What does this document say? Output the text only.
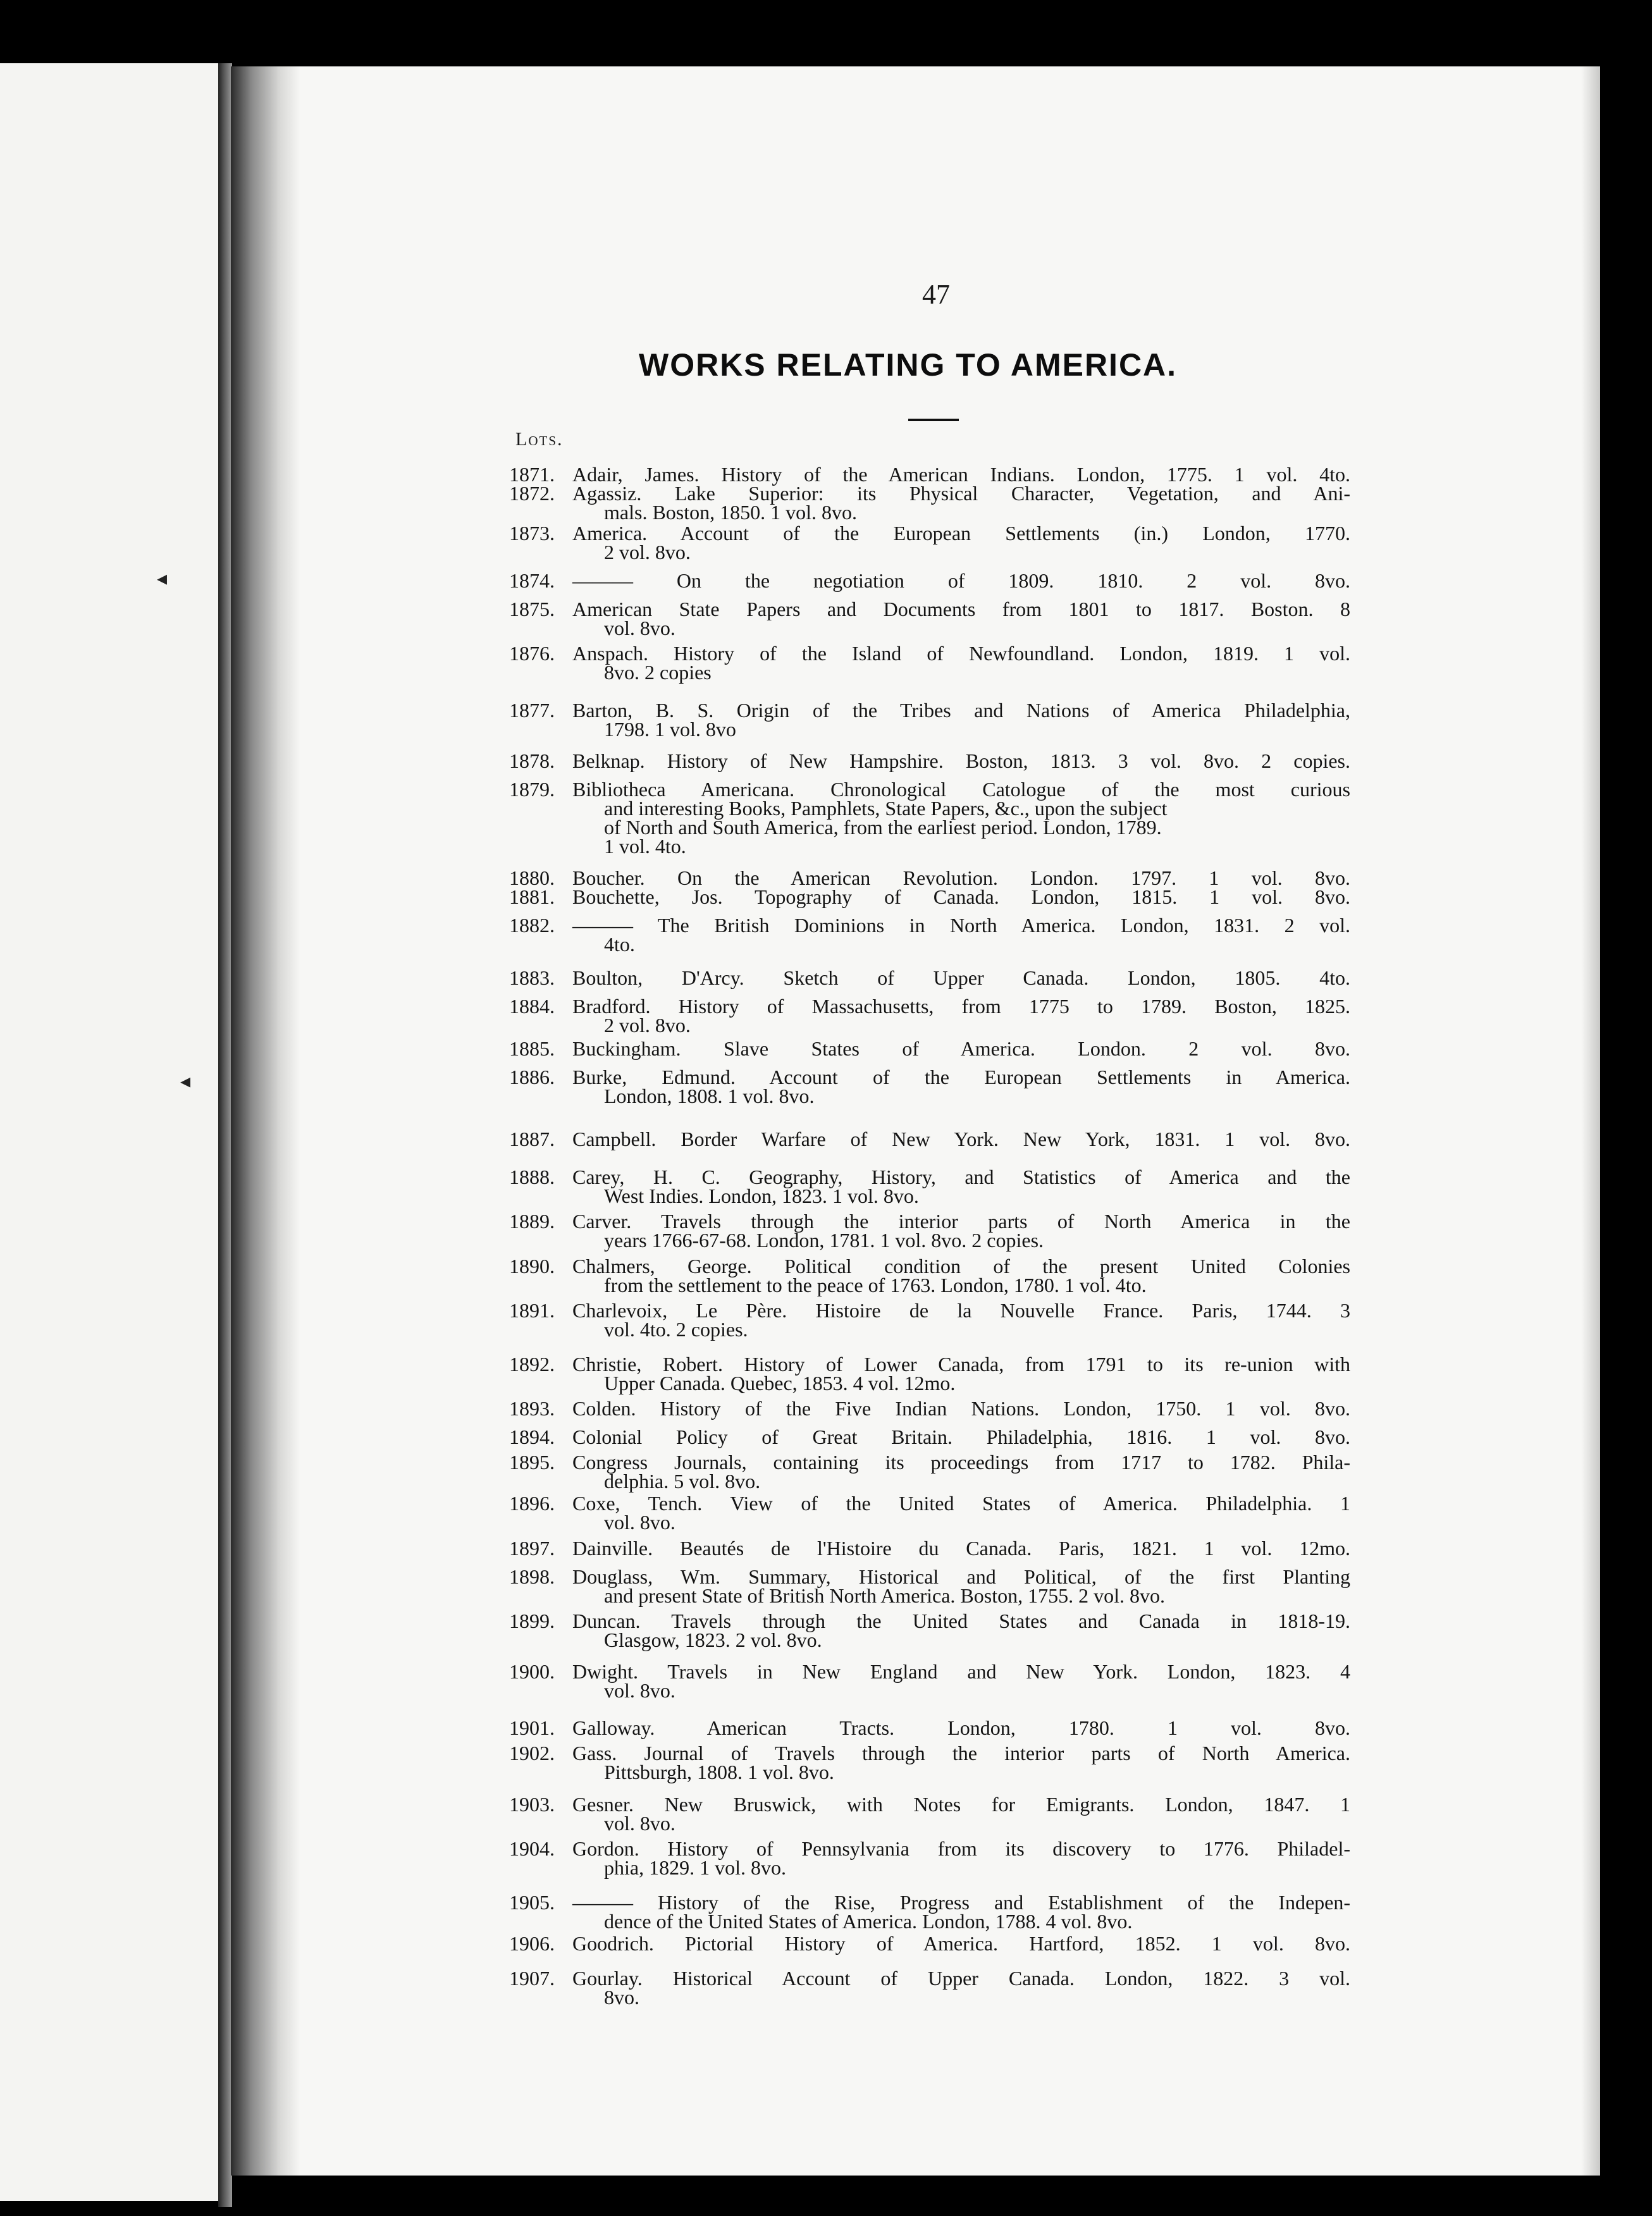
◂
◂
47
WORKS RELATING TO AMERICA.
Lots.
1871. Adair, James. History of the American Indians. London, 1775. 1 vol. 4to.
1872. Agassiz. Lake Superior: its Physical Character, Vegetation, and Ani-
mals. Boston, 1850. 1 vol. 8vo.
1873. America. Account of the European Settlements (in.) London, 1770.
2 vol. 8vo.
1874. ——— On the negotiation of 1809. 1810. 2 vol. 8vo.
1875. American State Papers and Documents from 1801 to 1817. Boston. 8
vol. 8vo.
1876. Anspach. History of the Island of Newfoundland. London, 1819. 1 vol.
8vo. 2 copies
1877. Barton, B. S. Origin of the Tribes and Nations of America Philadelphia,
1798. 1 vol. 8vo
1878. Belknap. History of New Hampshire. Boston, 1813. 3 vol. 8vo. 2 copies.
1879. Bibliotheca Americana. Chronological Catologue of the most curious
and interesting Books, Pamphlets, State Papers, &c., upon the subject
of North and South America, from the earliest period. London, 1789.
1 vol. 4to.
1880. Boucher. On the American Revolution. London. 1797. 1 vol. 8vo.
1881. Bouchette, Jos. Topography of Canada. London, 1815. 1 vol. 8vo.
1882. ——— The British Dominions in North America. London, 1831. 2 vol.
4to.
1883. Boulton, D'Arcy. Sketch of Upper Canada. London, 1805. 4to.
1884. Bradford. History of Massachusetts, from 1775 to 1789. Boston, 1825.
2 vol. 8vo.
1885. Buckingham. Slave States of America. London. 2 vol. 8vo.
1886. Burke, Edmund. Account of the European Settlements in America.
London, 1808. 1 vol. 8vo.
1887. Campbell. Border Warfare of New York. New York, 1831. 1 vol. 8vo.
1888. Carey, H. C. Geography, History, and Statistics of America and the
West Indies. London, 1823. 1 vol. 8vo.
1889. Carver. Travels through the interior parts of North America in the
years 1766-67-68. London, 1781. 1 vol. 8vo. 2 copies.
1890. Chalmers, George. Political condition of the present United Colonies
from the settlement to the peace of 1763. London, 1780. 1 vol. 4to.
1891. Charlevoix, Le Père. Histoire de la Nouvelle France. Paris, 1744. 3
vol. 4to. 2 copies.
1892. Christie, Robert. History of Lower Canada, from 1791 to its re-union with
Upper Canada. Quebec, 1853. 4 vol. 12mo.
1893. Colden. History of the Five Indian Nations. London, 1750. 1 vol. 8vo.
1894. Colonial Policy of Great Britain. Philadelphia, 1816. 1 vol. 8vo.
1895. Congress Journals, containing its proceedings from 1717 to 1782. Phila-
delphia. 5 vol. 8vo.
1896. Coxe, Tench. View of the United States of America. Philadelphia. 1
vol. 8vo.
1897. Dainville. Beautés de l'Histoire du Canada. Paris, 1821. 1 vol. 12mo.
1898. Douglass, Wm. Summary, Historical and Political, of the first Planting
and present State of British North America. Boston, 1755. 2 vol. 8vo.
1899. Duncan. Travels through the United States and Canada in 1818-19.
Glasgow, 1823. 2 vol. 8vo.
1900. Dwight. Travels in New England and New York. London, 1823. 4
vol. 8vo.
1901. Galloway. American Tracts. London, 1780. 1 vol. 8vo.
1902. Gass. Journal of Travels through the interior parts of North America.
Pittsburgh, 1808. 1 vol. 8vo.
1903. Gesner. New Bruswick, with Notes for Emigrants. London, 1847. 1
vol. 8vo.
1904. Gordon. History of Pennsylvania from its discovery to 1776. Philadel-
phia, 1829. 1 vol. 8vo.
1905. ——— History of the Rise, Progress and Establishment of the Indepen-
dence of the United States of America. London, 1788. 4 vol. 8vo.
1906. Goodrich. Pictorial History of America. Hartford, 1852. 1 vol. 8vo.
1907. Gourlay. Historical Account of Upper Canada. London, 1822. 3 vol.
8vo.
